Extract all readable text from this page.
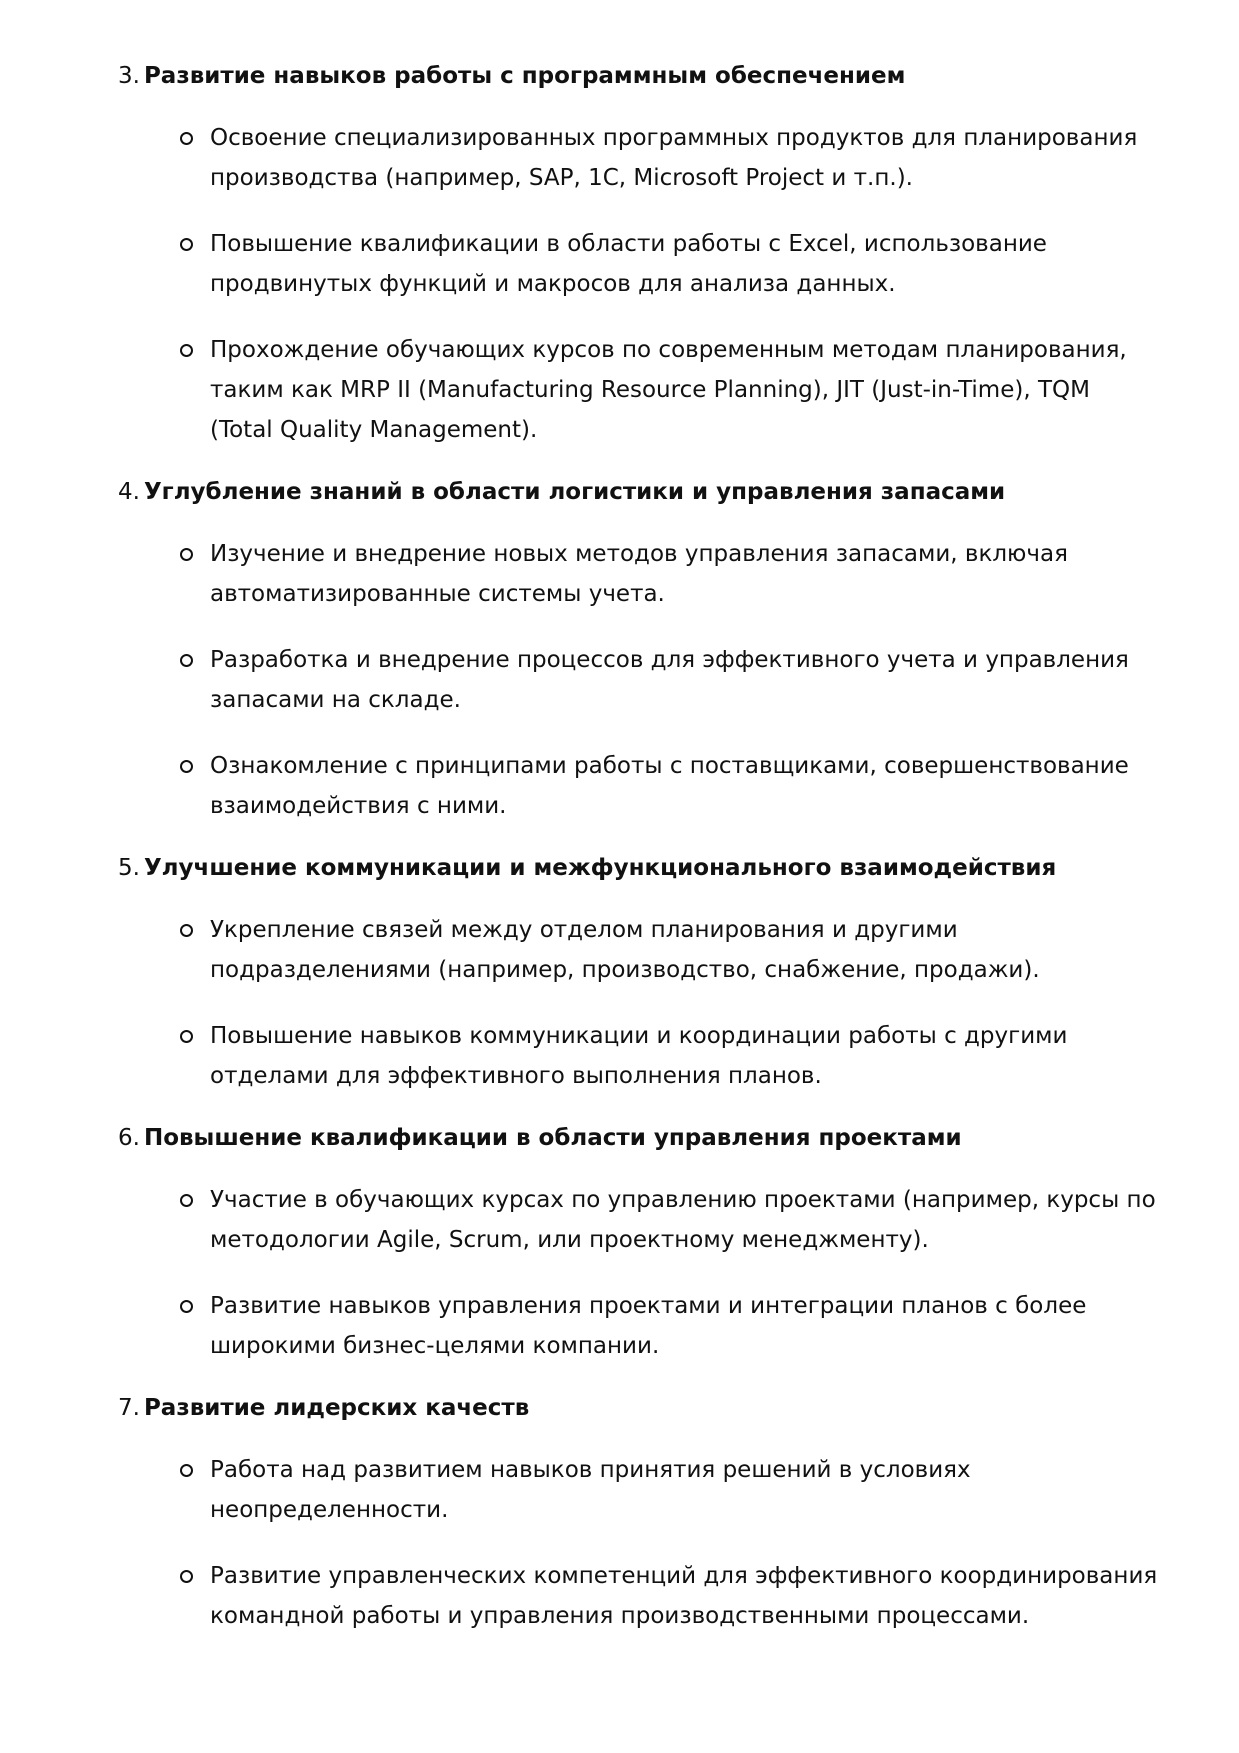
3. Развитие навыков работы с программным обеспечением
Освоение специализированных программных продуктов для планирования производства (например, SAP, 1C, Microsoft Project и т.п.).
Повышение квалификации в области работы с Excel, использование продвинутых функций и макросов для анализа данных.
Прохождение обучающих курсов по современным методам планирования, таким как MRP II (Manufacturing Resource Planning), JIT (Just-in-Time), TQM (Total Quality Management).
4. Углубление знаний в области логистики и управления запасами
Изучение и внедрение новых методов управления запасами, включая автоматизированные системы учета.
Разработка и внедрение процессов для эффективного учета и управления запасами на складе.
Ознакомление с принципами работы с поставщиками, совершенствование взаимодействия с ними.
5. Улучшение коммуникации и межфункционального взаимодействия
Укрепление связей между отделом планирования и другими подразделениями (например, производство, снабжение, продажи).
Повышение навыков коммуникации и координации работы с другими отделами для эффективного выполнения планов.
6. Повышение квалификации в области управления проектами
Участие в обучающих курсах по управлению проектами (например, курсы по методологии Agile, Scrum, или проектному менеджменту).
Развитие навыков управления проектами и интеграции планов с более широкими бизнес-целями компании.
7. Развитие лидерских качеств
Работа над развитием навыков принятия решений в условиях неопределенности.
Развитие управленческих компетенций для эффективного координирования командной работы и управления производственными процессами.
